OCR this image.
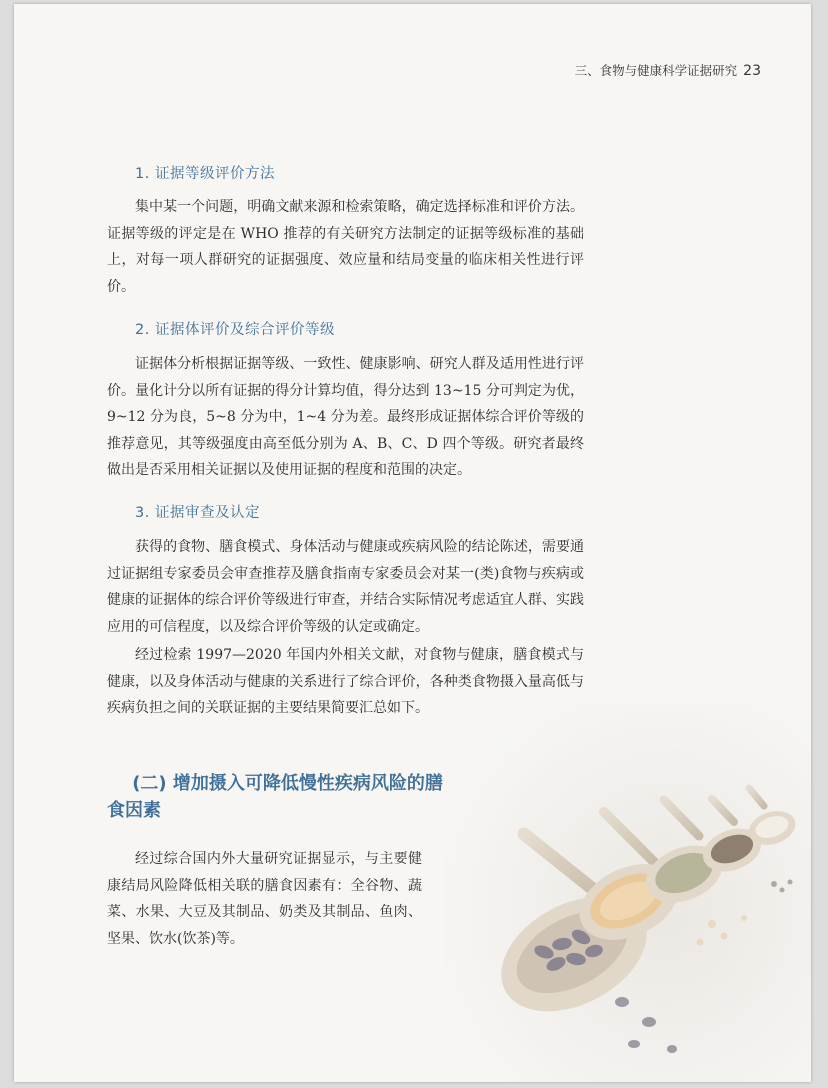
三、食物与健康科学证据研究 23
1. 证据等级评价方法

集中某一个问题，明确文献来源和检索策略，确定选择标准和评价方法。证据等级的评定是在 WHO 推荐的有关研究方法制定的证据等级标准的基础上，对每一项人群研究的证据强度、效应量和结局变量的临床相关性进行评价。

2. 证据体评价及综合评价等级

证据体分析根据证据等级、一致性、健康影响、研究人群及适用性进行评价。量化计分以所有证据的得分计算均值，得分达到 13~15 分可判定为优，9~12 分为良，5~8 分为中，1~4 分为差。最终形成证据体综合评价等级的推荐意见，其等级强度由高至低分别为 A、B、C、D 四个等级。研究者最终做出是否采用相关证据以及使用证据的程度和范围的决定。

3. 证据审查及认定

获得的食物、膳食模式、身体活动与健康或疾病风险的结论陈述，需要通过证据组专家委员会审查推荐及膳食指南专家委员会对某一(类)食物与疾病或健康的证据体的综合评价等级进行审查，并结合实际情况考虑适宜人群、实践应用的可信程度，以及综合评价等级的认定或确定。

经过检索 1997—2020 年国内外相关文献，对食物与健康，膳食模式与健康，以及身体活动与健康的关系进行了综合评价，各种类食物摄入量高低与疾病负担之间的关联证据的主要结果简要汇总如下。

(二) 增加摄入可降低慢性疾病风险的膳食因素

经过综合国内外大量研究证据显示，与主要健康结局风险降低相关联的膳食因素有：全谷物、蔬菜、水果、大豆及其制品、奶类及其制品、鱼肉、坚果、饮水(饮茶)等。
